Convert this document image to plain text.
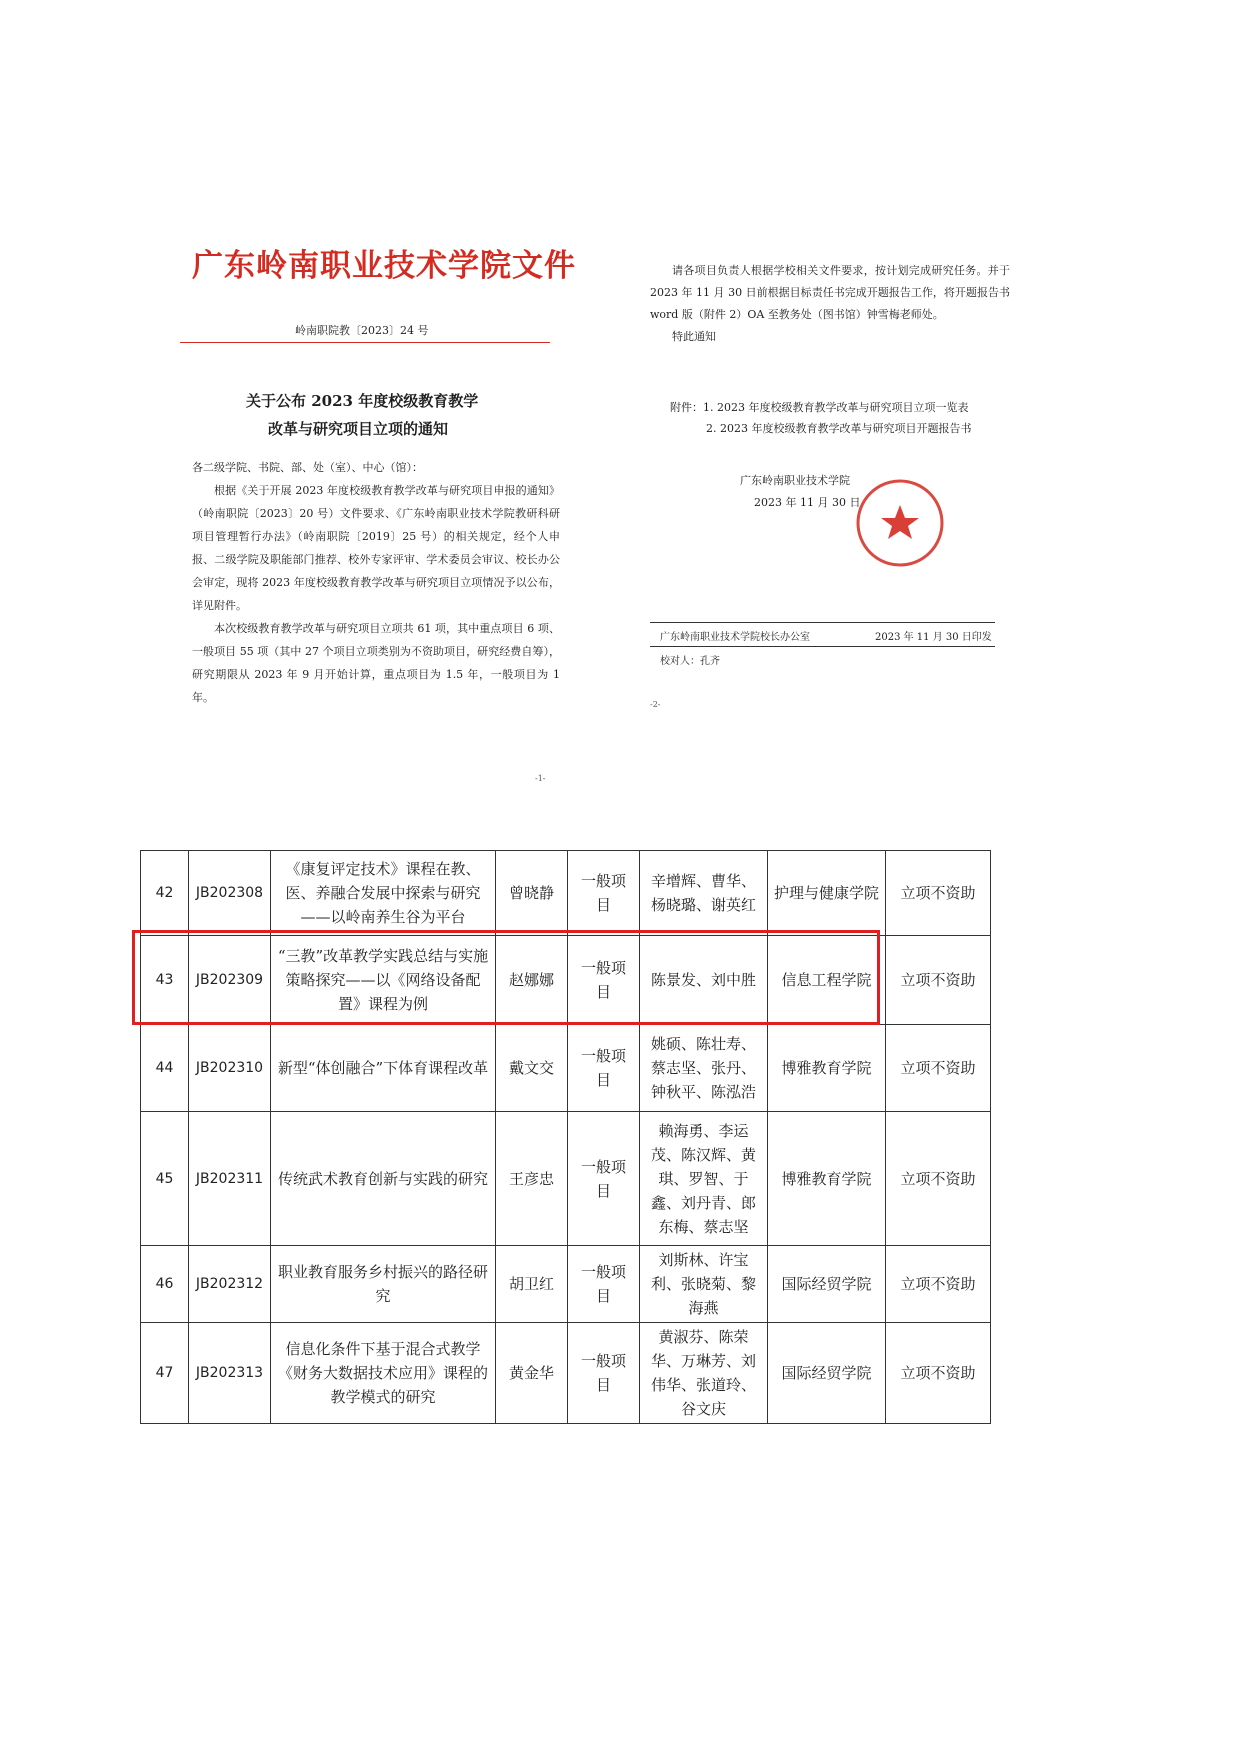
广东岭南职业技术学院文件
岭南职院教〔2023〕24 号
关于公布 2023 年度校级教育教学
改革与研究项目立项的通知

各二级学院、书院、部、处（室）、中心（馆）：

根据《关于开展 2023 年度校级教育教学改革与研究项目申报的通知》（岭南职院〔2023〕20 号）文件要求、《广东岭南职业技术学院教研科研项目管理暂行办法》（岭南职院〔2019〕25 号）的相关规定，经个人申报、二级学院及职能部门推荐、校外专家评审、学术委员会审议、校长办公会审定，现将 2023 年度校级教育教学改革与研究项目立项情况予以公布，详见附件。

本次校级教育教学改革与研究项目立项共 61 项，其中重点项目 6 项、一般项目 55 项（其中 27 个项目立项类别为不资助项目，研究经费自筹），研究期限从 2023 年 9 月开始计算，重点项目为 1.5 年，一般项目为 1 年。

-1-

请各项目负责人根据学校相关文件要求，按计划完成研究任务。并于 2023 年 11 月 30 日前根据目标责任书完成开题报告工作，将开题报告书 word 版（附件 2）OA 至教务处（图书馆）钟雪梅老师处。

特此通知

附件：1. 2023 年度校级教育教学改革与研究项目立项一览表

2. 2023 年度校级教育教学改革与研究项目开题报告书

广东岭南职业技术学院
2023 年 11 月 30 日
广东岭南职业技术学院校长办公室	2023 年 11 月 30 日印发
校对人：孔齐
-2-
42	JB202308	《康复评定技术》课程在教、医、养融合发展中探索与研究——以岭南养生谷为平台	曾晓静	一般项目	辛增辉、曹华、杨晓璐、谢英红	护理与健康学院	立项不资助
43	JB202309	“三教”改革教学实践总结与实施策略探究——以《网络设备配置》课程为例	赵娜娜	一般项目	陈景发、刘中胜	信息工程学院	立项不资助
44	JB202310	新型“体创融合”下体育课程改革	戴文交	一般项目	姚硕、陈壮寿、蔡志坚、张丹、钟秋平、陈泓浩	博雅教育学院	立项不资助
45	JB202311	传统武术教育创新与实践的研究	王彦忠	一般项目	赖海勇、李运茂、陈汉辉、黄琪、罗智、于鑫、刘丹青、郎东梅、蔡志坚	博雅教育学院	立项不资助
46	JB202312	职业教育服务乡村振兴的路径研究	胡卫红	一般项目	刘斯林、许宝利、张晓菊、黎海燕	国际经贸学院	立项不资助
47	JB202313	信息化条件下基于混合式教学《财务大数据技术应用》课程的教学模式的研究	黄金华	一般项目	黄淑芬、陈荣华、万琳芳、刘伟华、张道玲、谷文庆	国际经贸学院	立项不资助
